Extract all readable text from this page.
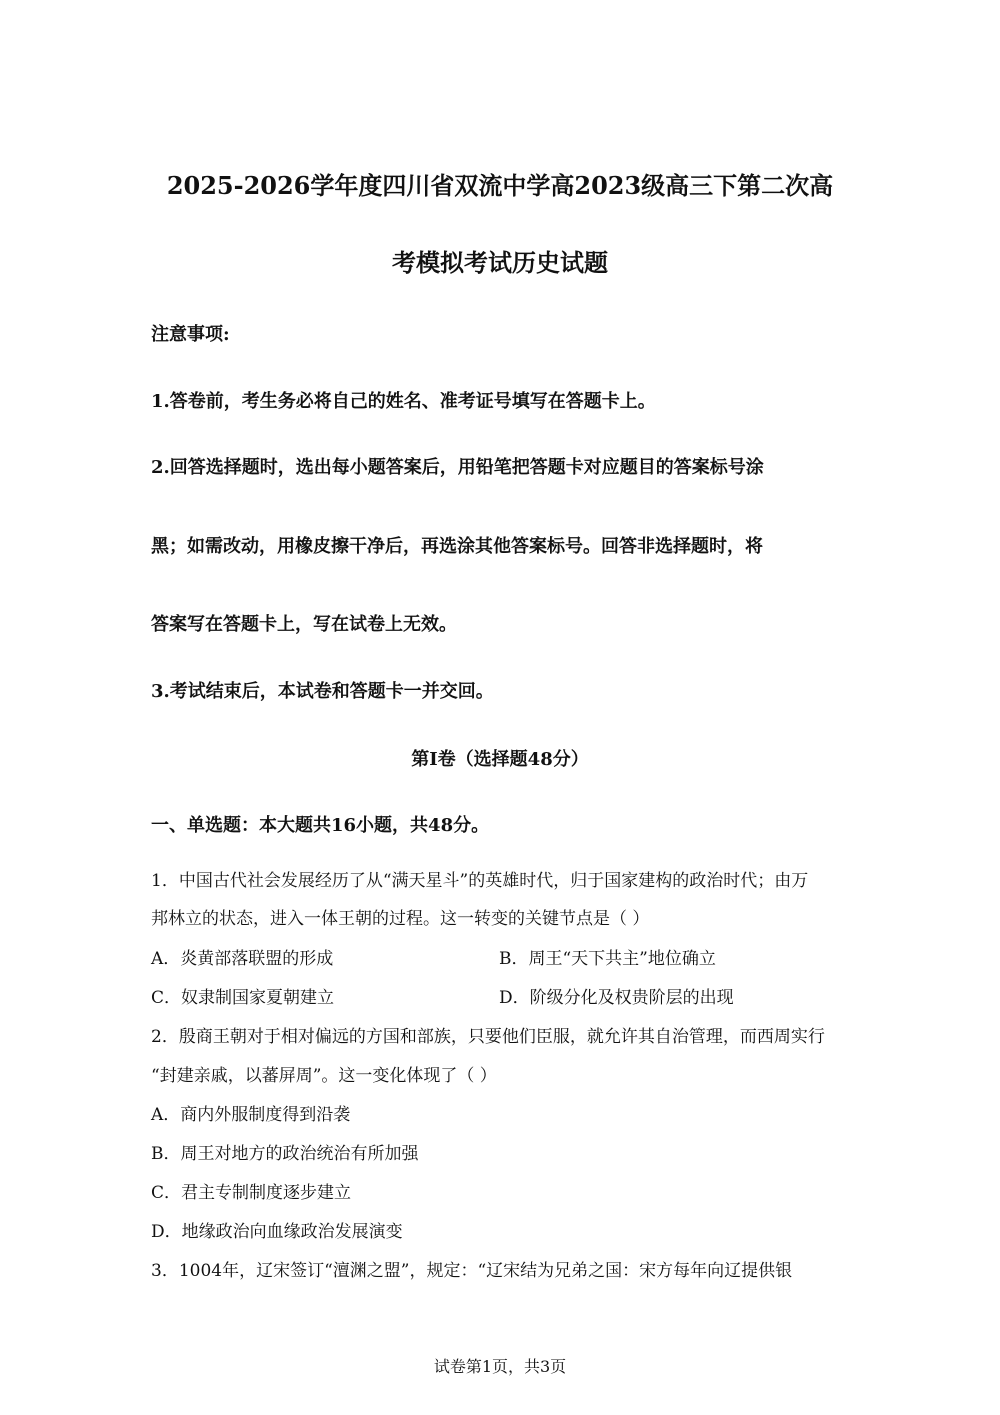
2025-2026学年度四川省双流中学高2023级高三下第二次高
考模拟考试历史试题
注意事项:
1.答卷前，考生务必将自己的姓名、准考证号填写在答题卡上。
2.回答选择题时，选出每小题答案后，用铅笔把答题卡对应题目的答案标号涂
黑；如需改动，用橡皮擦干净后，再选涂其他答案标号。回答非选择题时，将
答案写在答题卡上，写在试卷上无效。
3.考试结束后，本试卷和答题卡一并交回。
第I卷（选择题48分）
一、单选题：本大题共16小题，共48分。
1．中国古代社会发展经历了从“满天星斗”的英雄时代，归于国家建构的政治时代；由万
邦林立的状态，进入一体王朝的过程。这一转变的关键节点是（ ）
A．炎黄部落联盟的形成	B．周王“天下共主”地位确立
C．奴隶制国家夏朝建立	D．阶级分化及权贵阶层的出现
2．殷商王朝对于相对偏远的方国和部族，只要他们臣服，就允许其自治管理，而西周实行
“封建亲戚，以蕃屏周”。这一变化体现了（ ）
A．商内外服制度得到沿袭
B．周王对地方的政治统治有所加强
C．君主专制制度逐步建立
D．地缘政治向血缘政治发展演变
3．1004年，辽宋签订“澶渊之盟”，规定：“辽宋结为兄弟之国：宋方每年向辽提供银
试卷第1页，共3页
